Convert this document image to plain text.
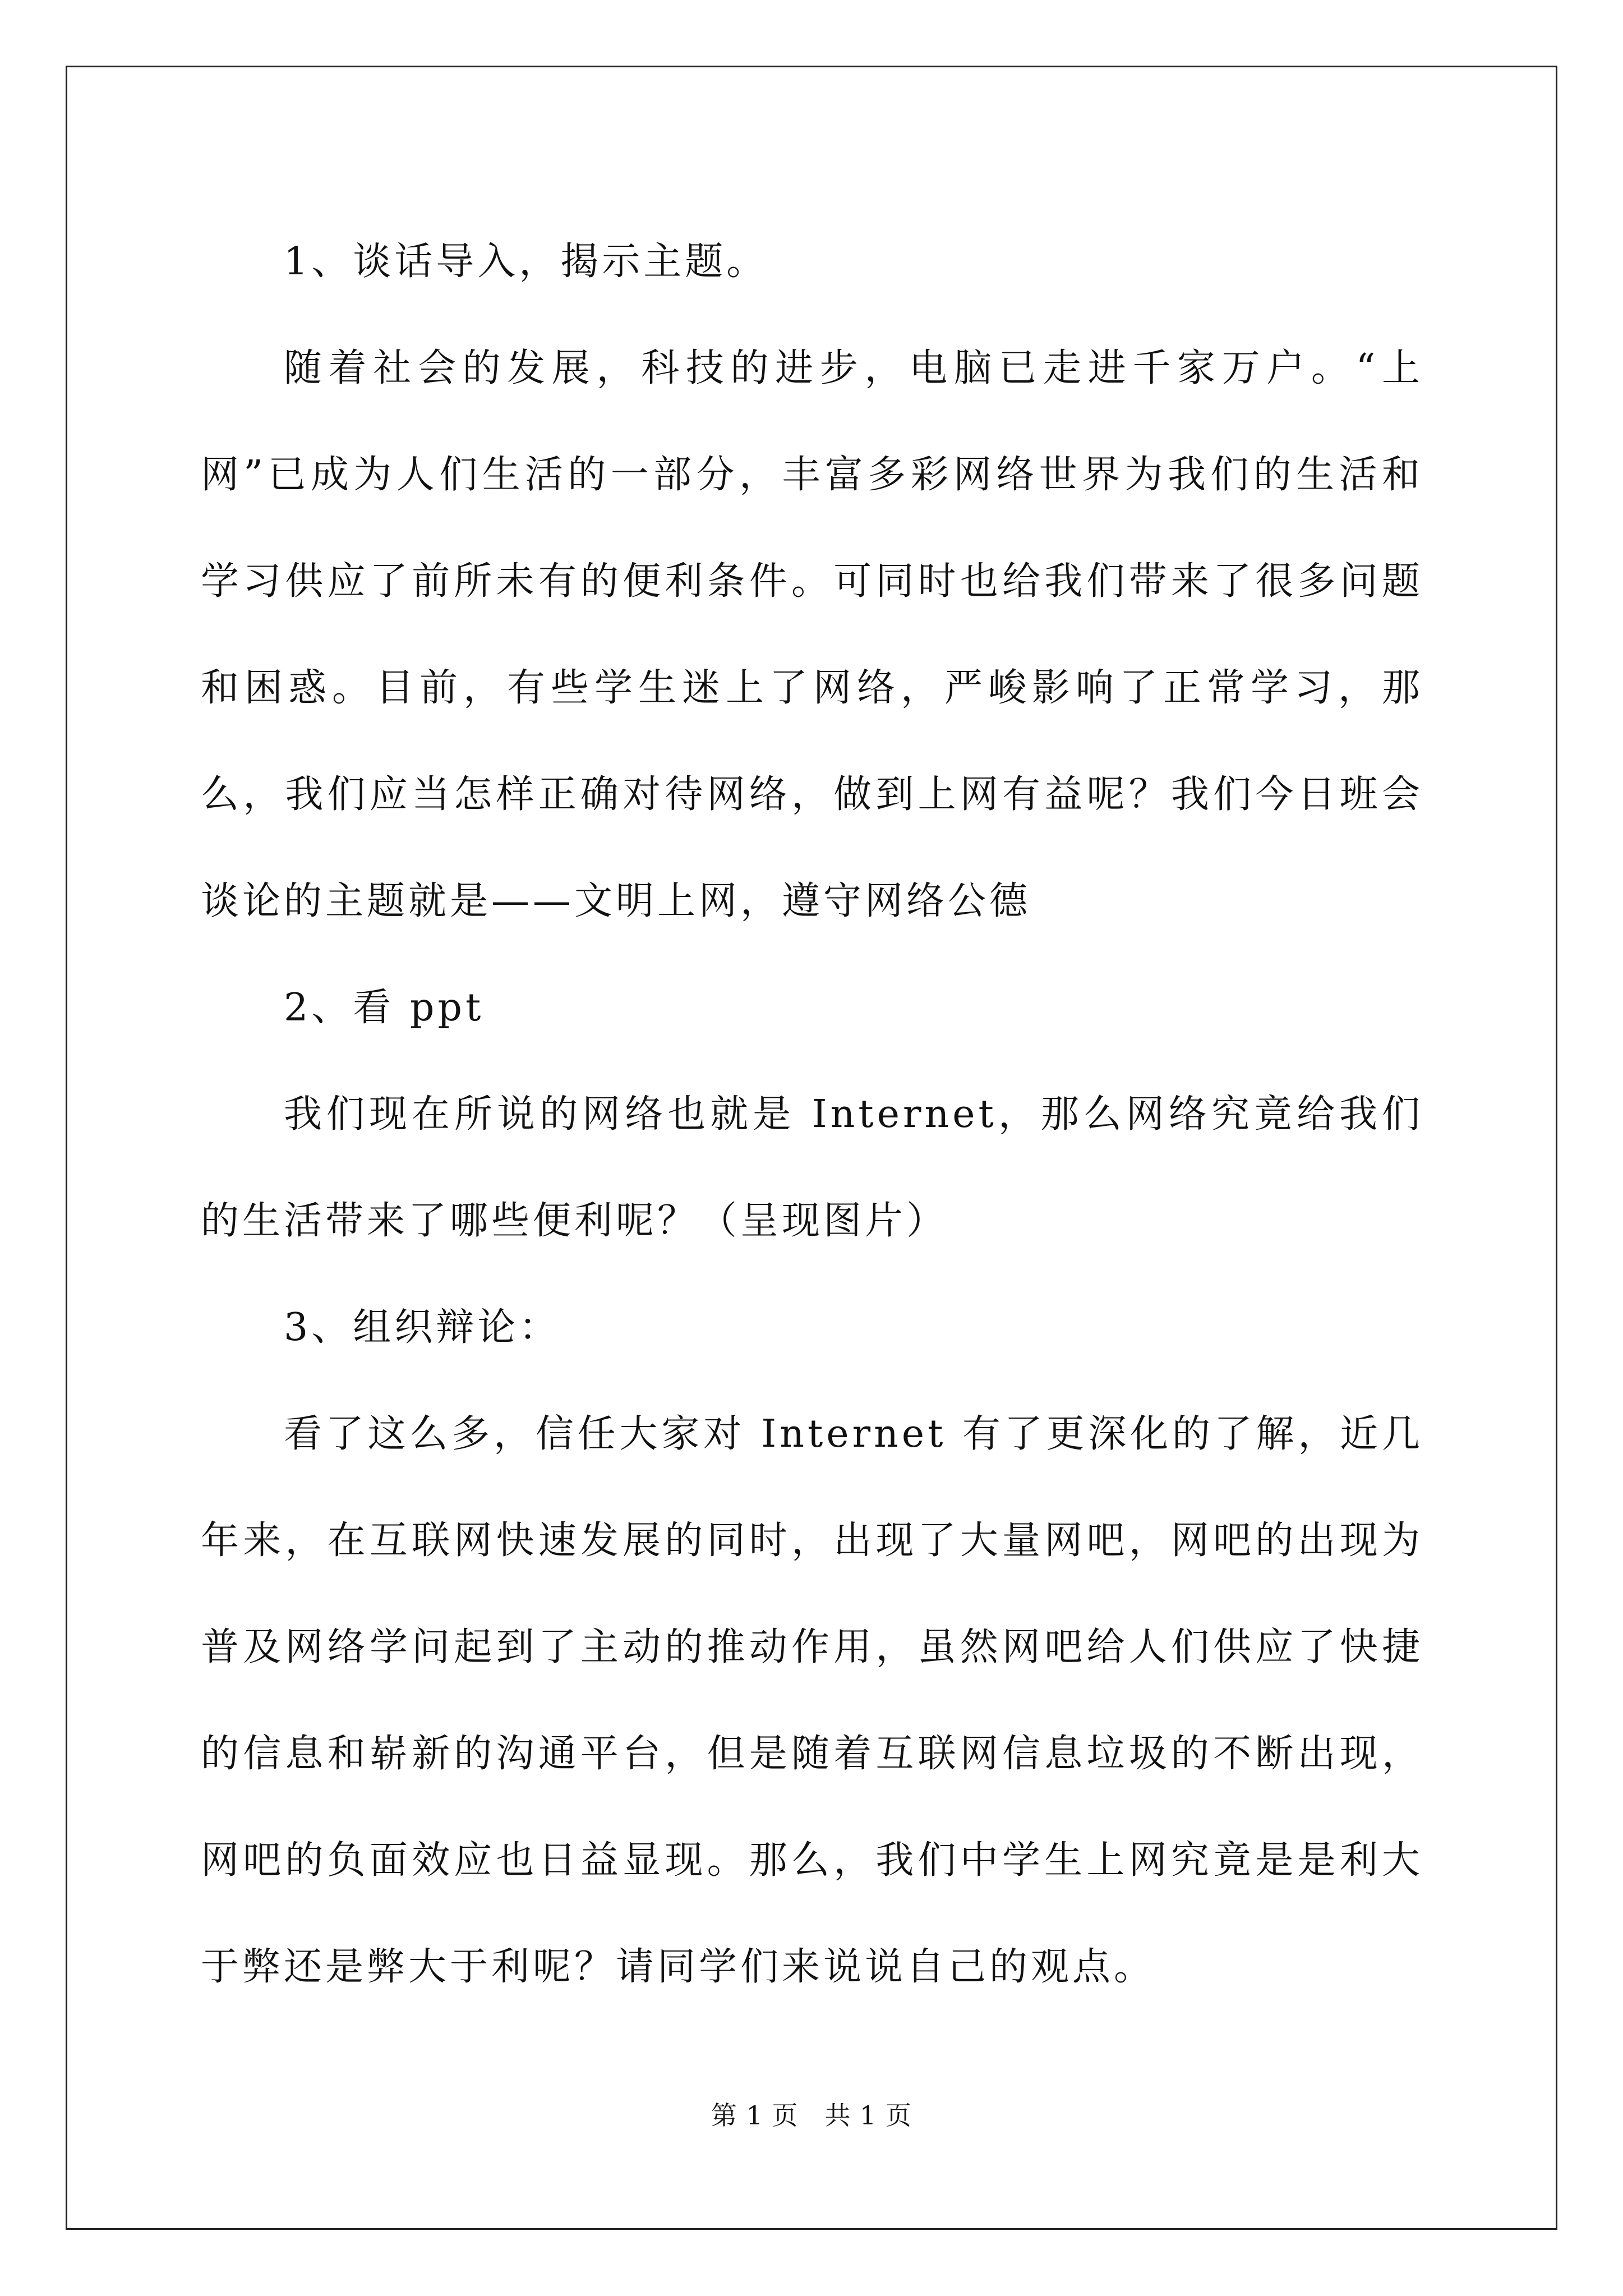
1、谈话导入，揭示主题。

随着社会的发展，科技的进步，电脑已走进千家万户。“上网”已成为人们生活的一部分，丰富多彩网络世界为我们的生活和学习供应了前所未有的便利条件。可同时也给我们带来了很多问题和困惑。目前，有些学生迷上了网络，严峻影响了正常学习，那么，我们应当怎样正确对待网络，做到上网有益呢？我们今日班会谈论的主题就是——文明上网，遵守网络公德

2、看 ppt

我们现在所说的网络也就是 Internet，那么网络究竟给我们的生活带来了哪些便利呢？（呈现图片）

3、组织辩论：

看了这么多，信任大家对 Internet 有了更深化的了解，近几年来，在互联网快速发展的同时，出现了大量网吧，网吧的出现为普及网络学问起到了主动的推动作用，虽然网吧给人们供应了快捷的信息和崭新的沟通平台，但是随着互联网信息垃圾的不断出现，网吧的负面效应也日益显现。那么，我们中学生上网究竟是是利大于弊还是弊大于利呢？请同学们来说说自己的观点。

第 1 页 共 1 页
